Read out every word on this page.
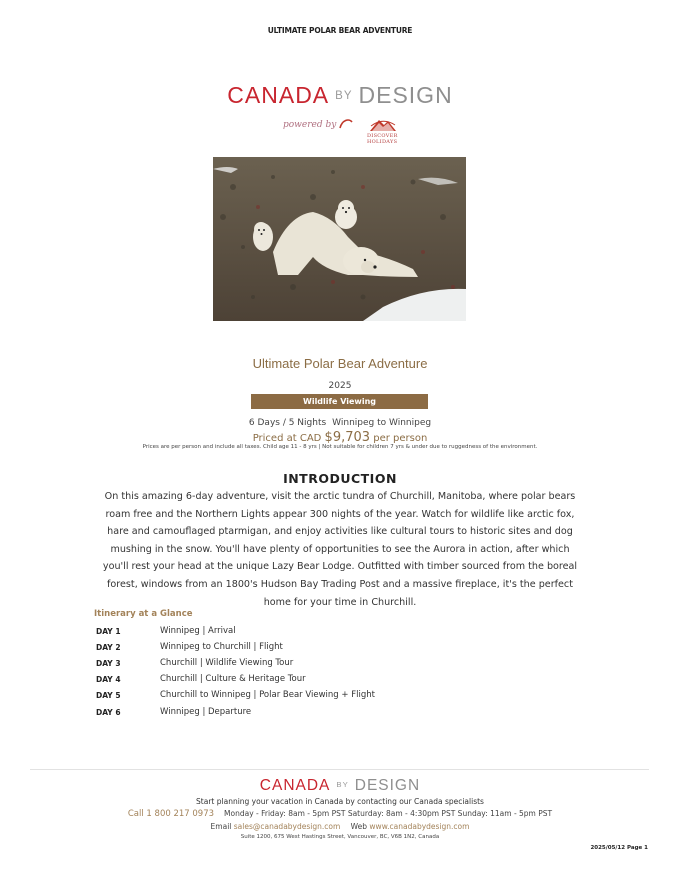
ULTIMATE POLAR BEAR ADVENTURE
CANADA BY DESIGN
powered by
DISCOVER HOLIDAYS
Ultimate Polar Bear Adventure
2025
Wildlife Viewing
6 Days / 5 Nights Winnipeg to Winnipeg
Priced at CAD $9,703 per person
Prices are per person and include all taxes. Child age 11 - 8 yrs | Not suitable for children 7 yrs & under due to ruggedness of the environment.
INTRODUCTION
On this amazing 6-day adventure, visit the arctic tundra of Churchill, Manitoba, where polar bears roam free and the Northern Lights appear 300 nights of the year. Watch for wildlife like arctic fox, hare and camouflaged ptarmigan, and enjoy activities like cultural tours to historic sites and dog mushing in the snow. You'll have plenty of opportunities to see the Aurora in action, after which you'll rest your head at the unique Lazy Bear Lodge. Outfitted with timber sourced from the boreal forest, windows from an 1800's Hudson Bay Trading Post and a massive fireplace, it's the perfect home for your time in Churchill.
Itinerary at a Glance
DAY 1	Winnipeg | Arrival
DAY 2	Winnipeg to Churchill | Flight
DAY 3	Churchill | Wildlife Viewing Tour
DAY 4	Churchill | Culture & Heritage Tour
DAY 5	Churchill to Winnipeg | Polar Bear Viewing + Flight
DAY 6	Winnipeg | Departure
CANADA BY DESIGN
Start planning your vacation in Canada by contacting our Canada specialists
Call 1 800 217 0973 Monday - Friday: 8am - 5pm PST Saturday: 8am - 4:30pm PST Sunday: 11am - 5pm PST
Email sales@canadabydesign.com Web www.canadabydesign.com
Suite 1200, 675 West Hastings Street, Vancouver, BC, V6B 1N2, Canada
2025/05/12 Page 1
